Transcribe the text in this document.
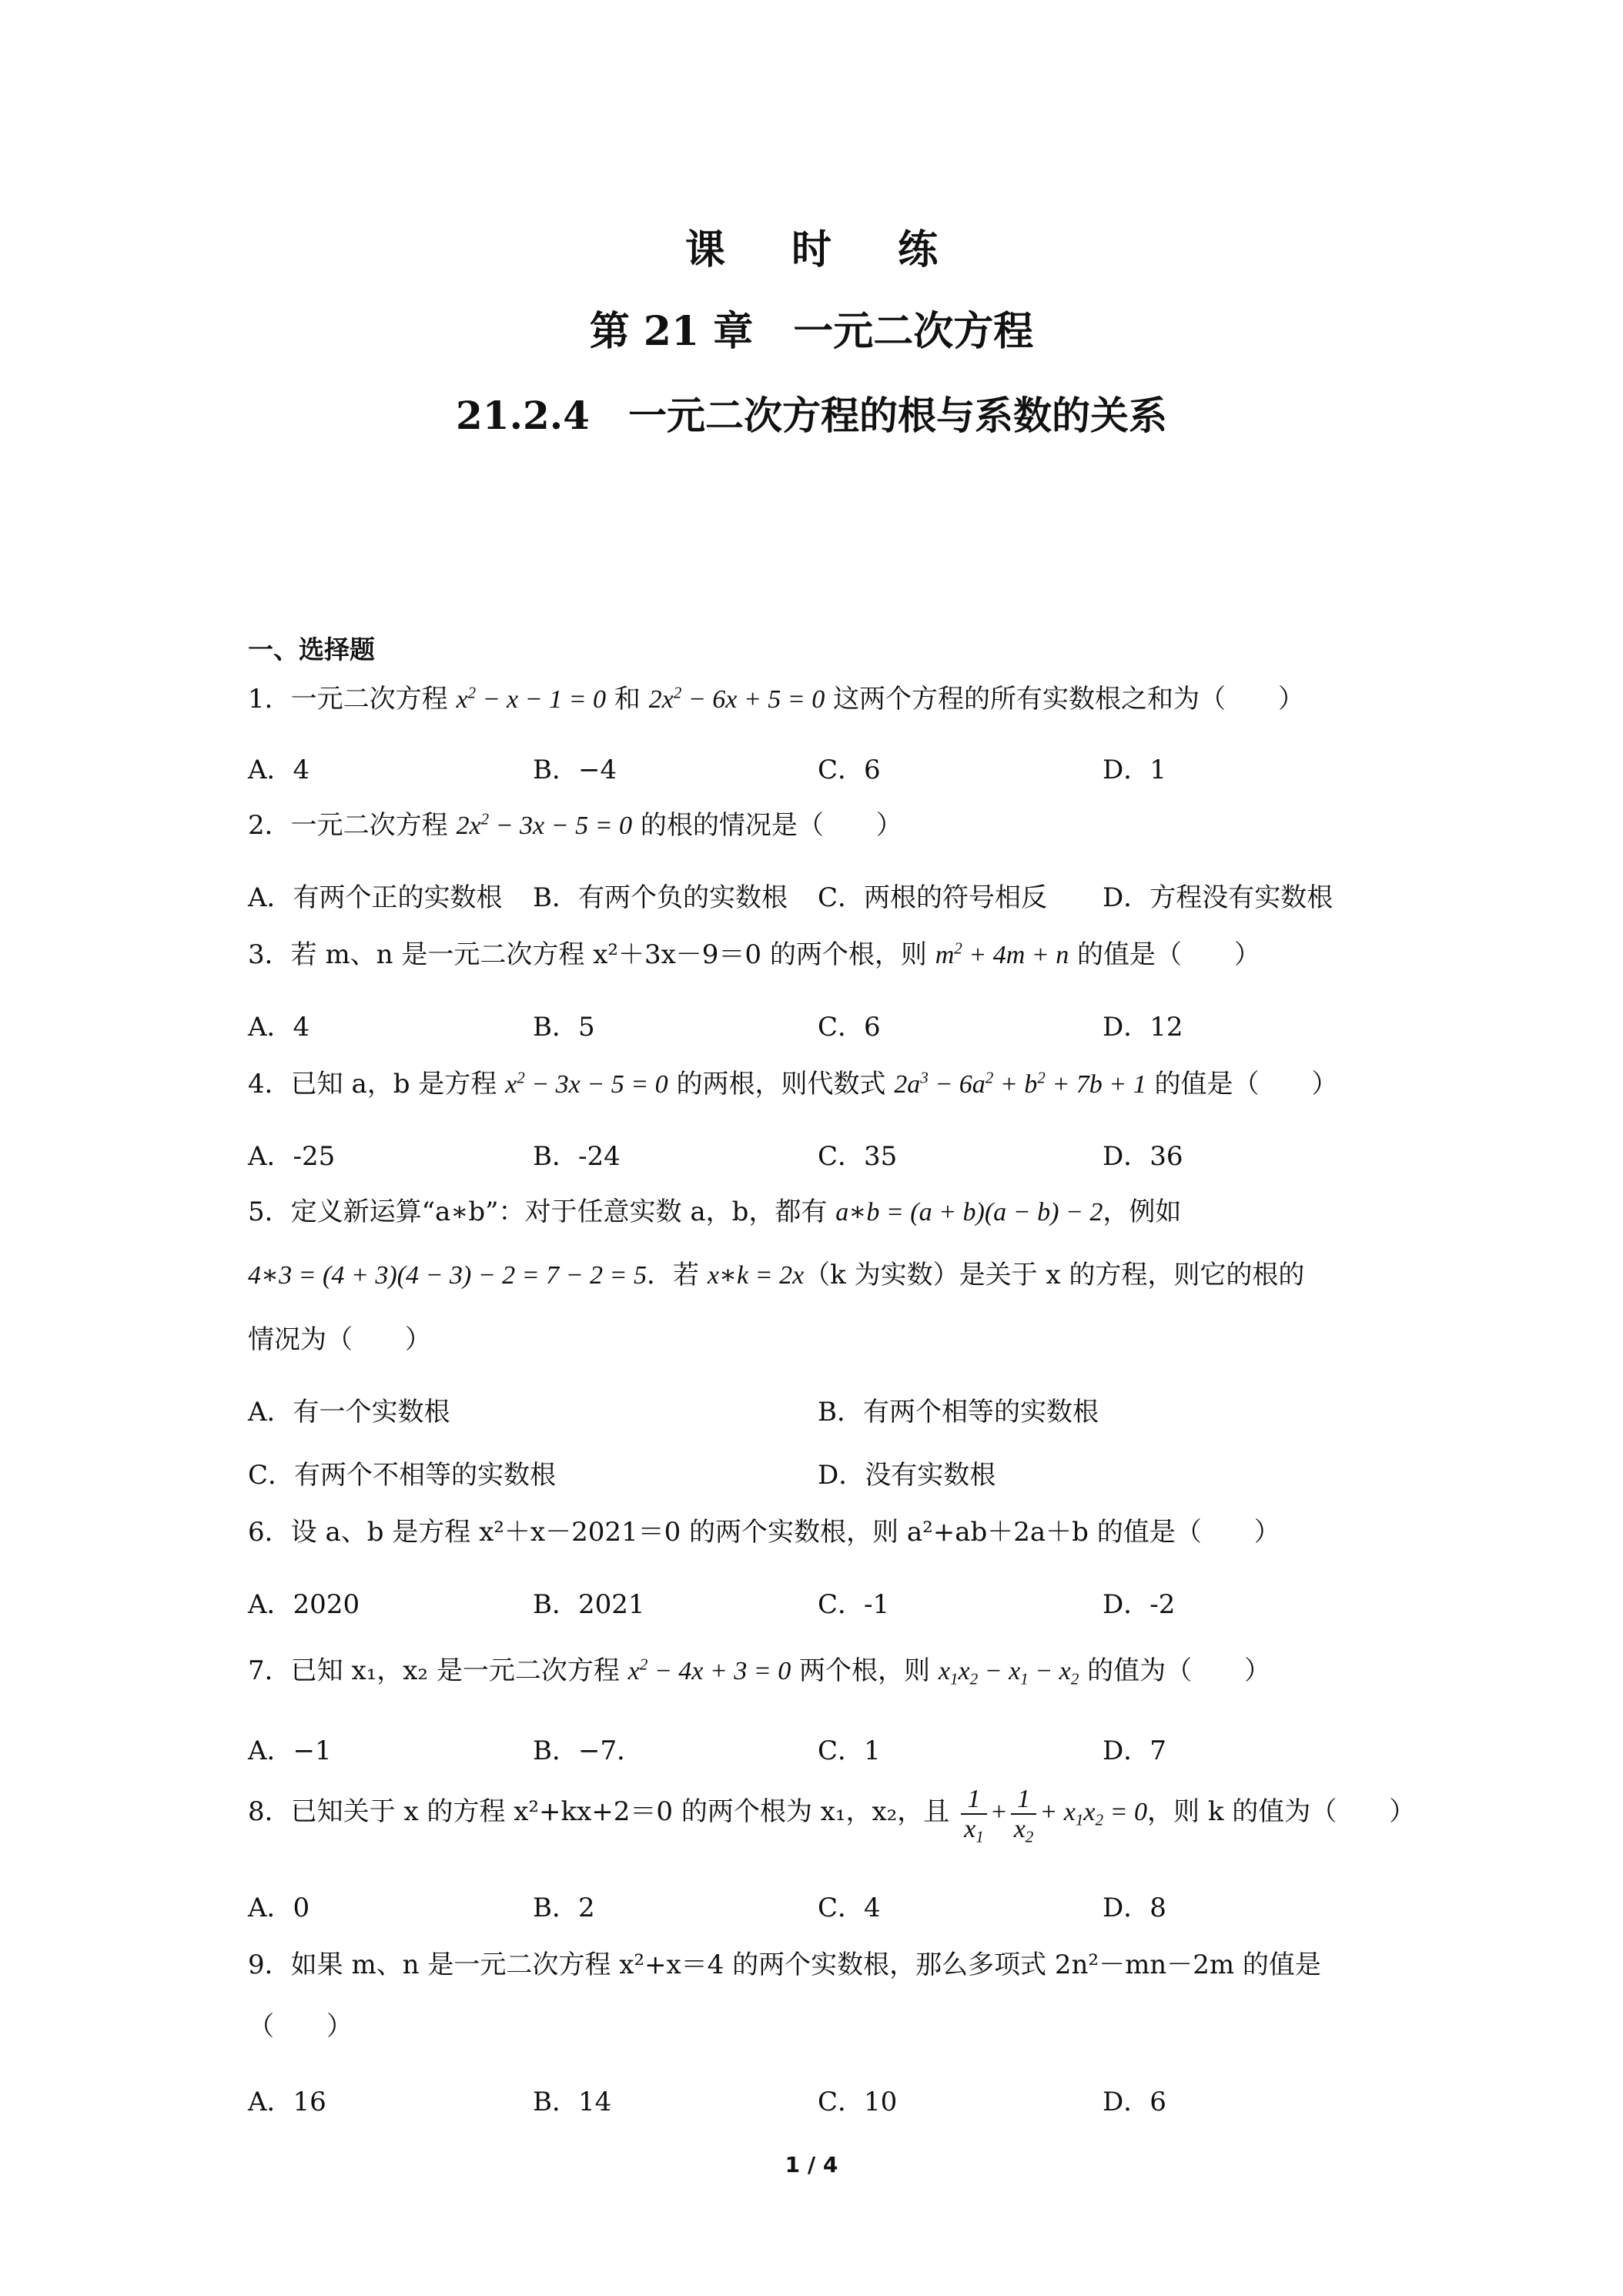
课 时 练
第 21 章　一元二次方程
21.2.4　一元二次方程的根与系数的关系
一、选择题
1．一元二次方程 $x^2 - x - 1 = 0$ 和 $2x^2 - 6x + 5 = 0$ 这两个方程的所有实数根之和为（　　）
A．4	B．−4	C．6	D．1
2．一元二次方程 $2x^2 - 3x - 5 = 0$ 的根的情况是（　　）
A．有两个正的实数根 B．有两个负的实数根 C．两根的符号相反 D．方程没有实数根
3．若 m、n 是一元二次方程 x²＋3x－9＝0 的两个根，则 $m^2 + 4m + n$ 的值是（　　）
A．4	B．5	C．6	D．12
4．已知 a，b 是方程 $x^2 - 3x - 5 = 0$ 的两根，则代数式 $2a^3 - 6a^2 + b^2 + 7b + 1$ 的值是（　　）
A．-25	B．-24	C．35	D．36
5．定义新运算“a∗b”：对于任意实数 a，b，都有 a∗b = (a + b)(a − b) − 2，例如
4∗3 = (4 + 3)(4 − 3) − 2 = 7 − 2 = 5．若 x∗k = 2x（k 为实数）是关于 x 的方程，则它的根的
情况为（　　）
A．有一个实数根	B．有两个相等的实数根
C．有两个不相等的实数根	D．没有实数根
6．设 a、b 是方程 x²＋x－2021＝0 的两个实数根，则 a²+ab＋2a＋b 的值是（　　）
A．2020	B．2021	C．-1	D．-2
7．已知 x₁，x₂ 是一元二次方程 $x^2 - 4x + 3 = 0$ 两个根，则 $x_1x_2 - x_1 - x_2$ 的值为（　　）
A．−1	B．−7．	C．1	D．7
8．已知关于 x 的方程 x²+kx+2＝0 的两个根为 x₁，x₂，且 $\frac{1}{x_1} + \frac{1}{x_2} + x_1x_2 = 0$，则 k 的值为（　　）
A．0	B．2	C．4	D．8
9．如果 m、n 是一元二次方程 x²+x＝4 的两个实数根，那么多项式 2n²－mn－2m 的值是
（　　）
A．16	B．14	C．10	D．6
1 / 4
